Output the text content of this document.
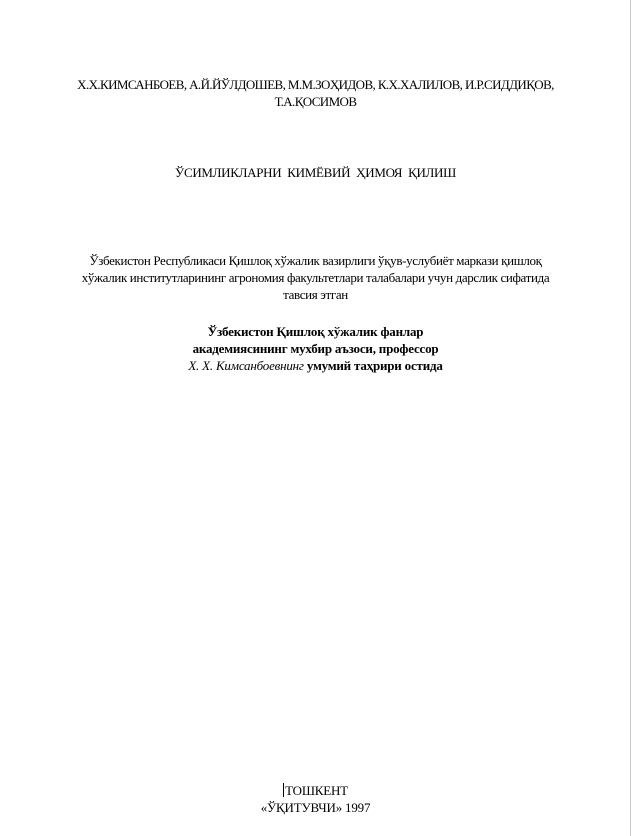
Х.Х.КИМСАНБОЕВ, А.Й.ЙЎЛДОШЕВ, М.М.ЗОҲИДОВ, К.Х.ХАЛИЛОВ, И.Р.СИДДИҚОВ,
Т.А.ҚОСИМОВ
ЎСИМЛИКЛАРНИ КИМЁВИЙ ҲИМОЯ ҚИЛИШ
Ўзбекистон Республикаси Қишлоқ хўжалик вазирлиги ўқув-услубиёт маркази қишлоқ
хўжалик институтларининг агрономия факультетлари талабалари учун дарслик сифатида
тавсия этган
Ўзбекистон Қишлоқ хўжалик фанлар
академиясининг мухбир аъзоси, профессор
Х. Х. Кимсанбоевнинг умумий таҳрири остида
ТОШКЕНТ
«ЎҚИТУВЧИ» 1997
